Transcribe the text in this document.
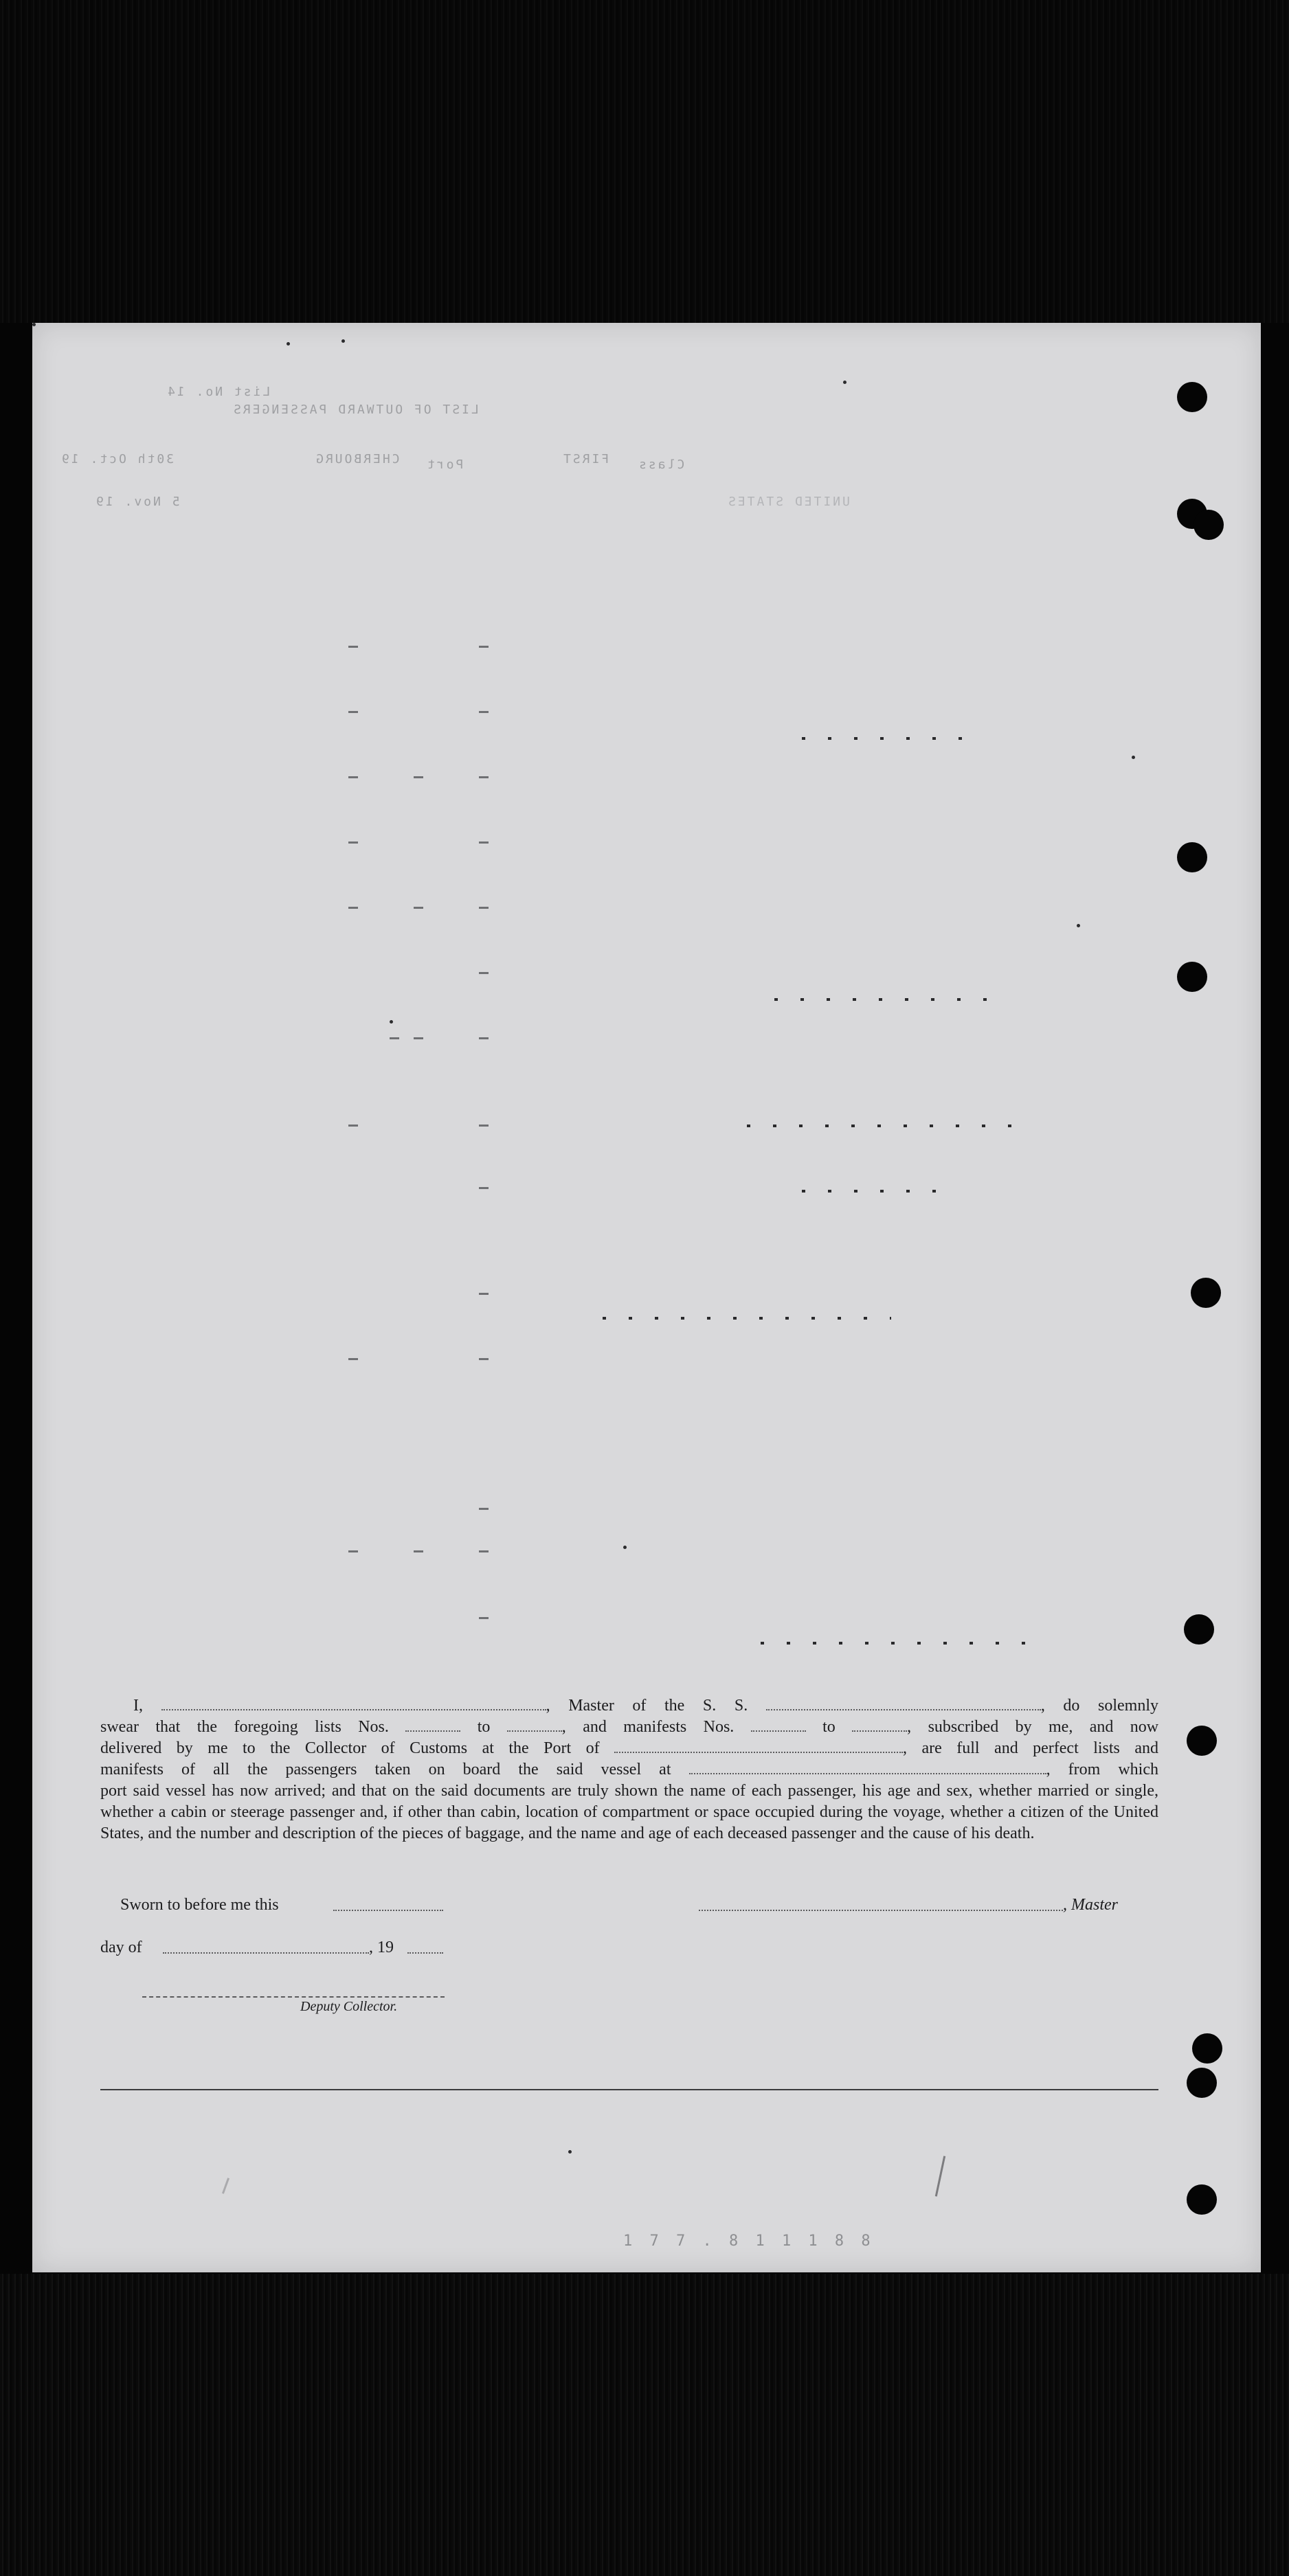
List No. 14
LIST OF OUTWARD PASSENGERS
Class
FIRST
Port
CHERBOURG
30th Oct. 19
5 Nov. 19	UNITED STATES
I,	, Master of the S. S.	, do solemnly
swear that the foregoing lists Nos.	to	, and manifests Nos.	to	, subscribed by me, and now
delivered by me to the Collector of Customs at the Port of	, are full and perfect lists and
manifests of all the passengers taken on board the said vessel at	, from which
port said vessel has now arrived; and that on the said documents are truly shown the name of each passenger, his age and sex, whether married or single, whether a cabin or steerage passenger and, if other than cabin, location of compartment or space occupied during the voyage, whether a citizen of the United States, and the number and description of the pieces of baggage, and the name and age of each deceased passenger and the cause of his death.
Sworn to before me this	, Master
day of	, 19
Deputy Collector.
1 7 7 . 8 1 1 1 8 8
